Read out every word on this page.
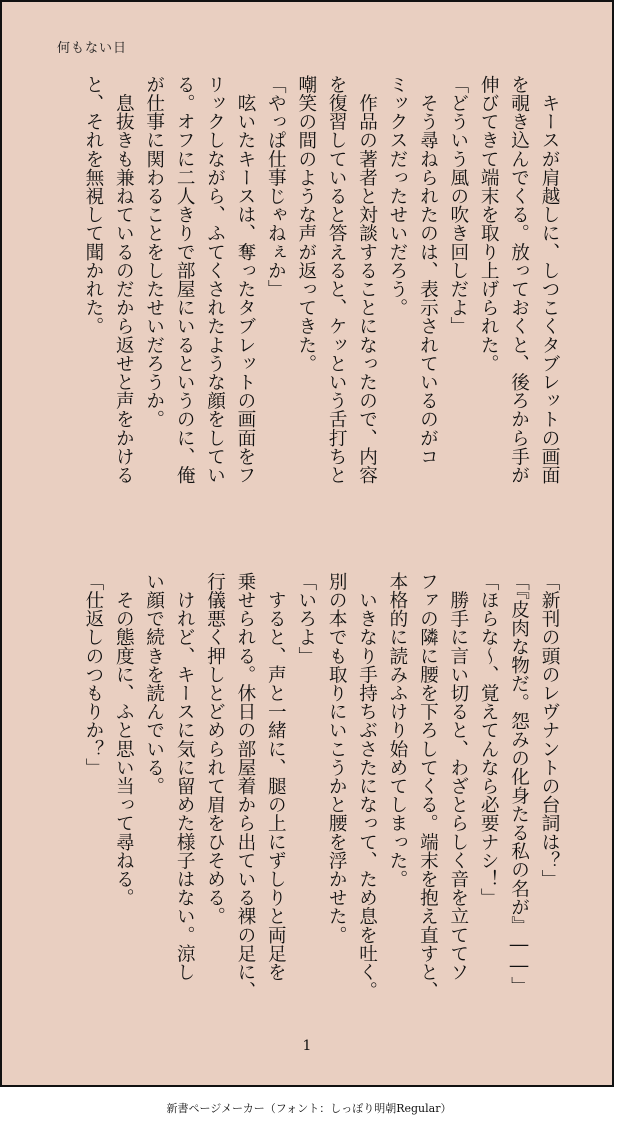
何もない日

　キースが肩越しに、しつこくタブレットの画面

を覗き込んでくる。放っておくと、後ろから手が

伸びてきて端末を取り上げられた。

「どういう風の吹き回しだよ」

　そう尋ねられたのは、表示されているのがコ

ミックスだったせいだろう。

　作品の著者と対談することになったので、内容

を復習していると答えると、ケッという舌打ちと

嘲笑の間のような声が返ってきた。

「やっぱ仕事じゃねぇか」

　呟いたキースは、奪ったタブレットの画面をフ

リックしながら、ふてくされたような顔をしてい

る。オフに二人きりで部屋にいるというのに、俺

が仕事に関わることをしたせいだろうか。

　息抜きも兼ねているのだから返せと声をかける

と、それを無視して聞かれた。

「新刊の頭のレヴナントの台詞は？」

「『皮肉な物だ。怨みの化身たる私の名が』――」

「ほらな～、覚えてんなら必要ナシ！」

　勝手に言い切ると、わざとらしく音を立ててソ

ファの隣に腰を下ろしてくる。端末を抱え直すと、

本格的に読みふけり始めてしまった。

　いきなり手持ちぶさたになって、ため息を吐く。

別の本でも取りにいこうかと腰を浮かせた。

「いろよ」

　すると、声と一緒に、腿の上にずしりと両足を

乗せられる。休日の部屋着から出ている裸の足に、

行儀悪く押しとどめられて眉をひそめる。

　けれど、キースに気に留めた様子はない。涼し

い顔で続きを読んでいる。

　その態度に、ふと思い当って尋ねる。

「仕返しのつもりか？」

1
新書ページメーカー（フォント：しっぽり明朝Regular）
